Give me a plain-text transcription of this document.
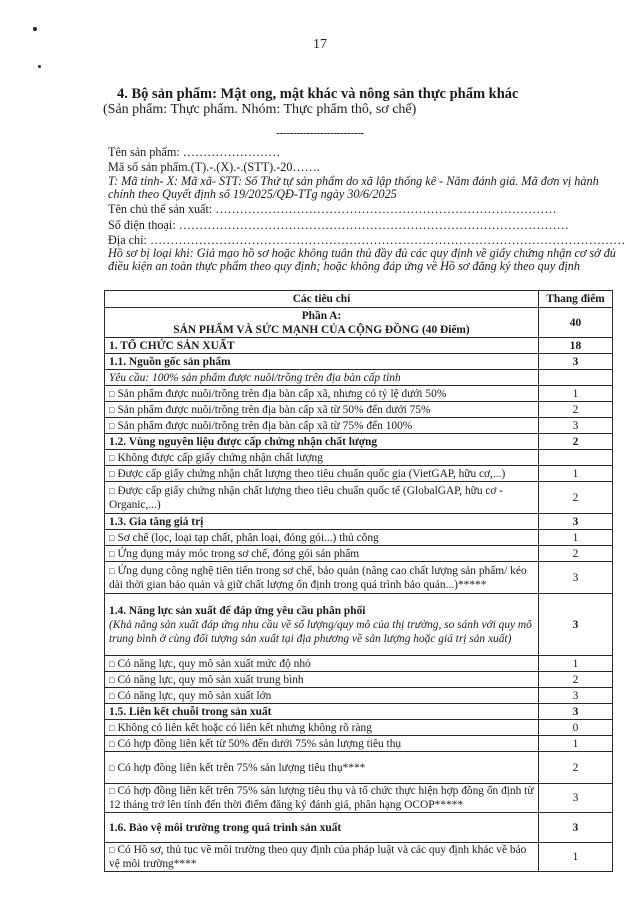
17
4. Bộ sản phẩm: Mật ong, mật khác và nông sản thực phẩm khác
(Sản phẩm: Thực phẩm. Nhóm: Thực phẩm thô, sơ chế)
--------------------------
Tên sản phẩm: ……………………
Mã số sản phẩm.(T).-.(X).-.(STT).-20…….
T: Mã tỉnh- X: Mã xã- STT: Số Thứ tự sản phẩm do xã lập thống kê - Năm đánh giá. Mã đơn vị hành
chính theo Quyết định số 19/2025/QĐ-TTg ngày 30/6/2025
Tên chủ thể sản xuất: …………………………………………………………………………
Số điện thoại: ……………………………………………………………………………………
Địa chỉ: ………………………………………………………………………………………………………
Hồ sơ bị loại khi: Giả mạo hồ sơ hoặc không tuân thủ đầy đủ các quy định về giấy chứng nhận cơ sở đủ
điều kiện an toàn thực phẩm theo quy định; hoặc không đáp ứng về Hồ sơ đăng ký theo quy định
Các tiêu chí	Thang điểm

Phần A:
SẢN PHẨM VÀ SỨC MẠNH CỦA CỘNG ĐỒNG (40 Điểm)	40
1. TỔ CHỨC SẢN XUẤT	18
1.1. Nguồn gốc sản phẩm	3
Yêu cầu: 100% sản phẩm được nuôi/trồng trên địa bàn cấp tỉnh	
□ Sản phẩm được nuôi/trồng trên địa bàn cấp xã, nhưng có tỷ lệ dưới 50%	1
□ Sản phẩm được nuôi/trồng trên địa bàn cấp xã từ 50% đến dưới 75%	2
□ Sản phẩm được nuôi/trồng trên địa bàn cấp xã từ 75% đến 100%	3
1.2. Vùng nguyên liệu được cấp chứng nhận chất lượng	2
□ Không được cấp giấy chứng nhận chất lượng	
□ Được cấp giấy chứng nhận chất lượng theo tiêu chuẩn quốc gia (VietGAP, hữu cơ,...)	1
□ Được cấp giấy chứng nhận chất lượng theo tiêu chuẩn quốc tế (GlobalGAP, hữu cơ - Organic,...)	2
1.3. Gia tăng giá trị	3
□ Sơ chế (lọc, loại tạp chất, phân loại, đóng gói...) thủ công	1
□ Ứng dụng máy móc trong sơ chế, đóng gói sản phẩm	2
□ Ứng dụng công nghệ tiên tiến trong sơ chế, bảo quản (nâng cao chất lượng sản phẩm/ kéo dài thời gian bảo quản và giữ chất lượng ổn định trong quá trình bảo quản...)*****	3
1.4. Năng lực sản xuất để đáp ứng yêu cầu phân phối
(Khả năng sản xuất đáp ứng nhu cầu về số lượng/quy mô của thị trường, so sánh với quy mô trung bình ở cùng đối tượng sản xuất tại địa phương về sản lượng hoặc giá trị sản xuất)	3
□ Có năng lực, quy mô sản xuất mức độ nhỏ	1
□ Có năng lực, quy mô sản xuất trung bình	2
□ Có năng lực, quy mô sản xuất lớn	3
1.5. Liên kết chuỗi trong sản xuất	3
□ Không có liên kết hoặc có liên kết nhưng không rõ ràng	0
□ Có hợp đồng liên kết từ 50% đến dưới 75% sản lượng tiêu thụ	1
□ Có hợp đồng liên kết trên 75% sản lượng tiêu thụ****	2
□ Có hợp đồng liên kết trên 75% sản lượng tiêu thụ và tổ chức thực hiện hợp đồng ổn định từ 12 tháng trở lên tính đến thời điểm đăng ký đánh giá, phân hạng OCOP*****	3
1.6. Bảo vệ môi trường trong quá trình sản xuất	3
□ Có Hồ sơ, thủ tục về môi trường theo quy định của pháp luật và các quy định khác về bảo vệ môi trường****	1
